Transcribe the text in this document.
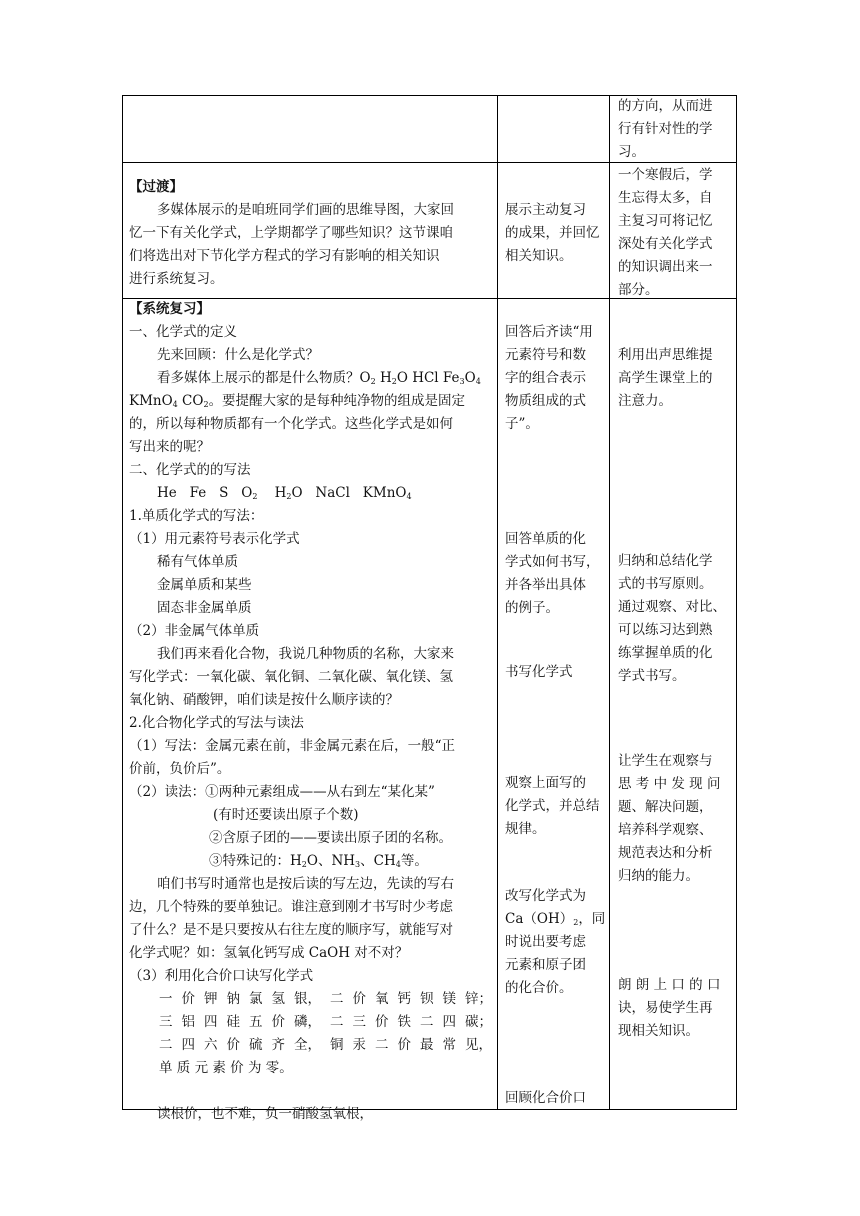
的方向，从而进
行有针对性的学
习。
【过渡】
多媒体展示的是咱班同学们画的思维导图，大家回
忆一下有关化学式，上学期都学了哪些知识？这节课咱
们将选出对下节化学方程式的学习有影响的相关知识
进行系统复习。
展示主动复习
的成果，并回忆
相关知识。
一个寒假后，学
生忘得太多，自
主复习可将记忆
深处有关化学式
的知识调出来一
部分。
【系统复习】
一、化学式的定义
先来回顾：什么是化学式？
看多媒体上展示的都是什么物质？$O_2$ $H_2O$ HCl $Fe_3O_4$
KMnO$_4$ $CO_2$。要提醒大家的是每种纯净物的组成是固定
的，所以每种物质都有一个化学式。这些化学式是如何
写出来的呢？
二、化学式的的写法
He   Fe   S   $O_2$    $H_2O$   NaCl   KMnO$_4$
1.单质化学式的写法：
（1）用元素符号表示化学式
稀有气体单质
金属单质和某些
固态非金属单质
（2）非金属气体单质
我们再来看化合物，我说几种物质的名称，大家来
写化学式：一氧化碳、氧化铜、二氧化碳、氧化镁、氢
氧化钠、硝酸钾，咱们读是按什么顺序读的？
2.化合物化学式的写法与读法
（1）写法：金属元素在前，非金属元素在后，一般“正
价前，负价后”。
（2）读法：①两种元素组成——从右到左“某化某”
(有时还要读出原子个数)
②含原子团的——要读出原子团的名称。
③特殊记的：$H_2O$、$NH_3$、$CH_4$等。
咱们书写时通常也是按后读的写左边，先读的写右
边，几个特殊的要单独记。谁注意到刚才书写时少考虑
了什么？是不是只要按从右往左度的顺序写，就能写对
化学式呢？如：氢氧化钙写成 CaOH 对不对？
（3）利用化合价口诀写化学式
一 价 钾 钠 氯 氢 银， 二 价 氧 钙 钡 镁 锌；
三 铝 四 硅 五 价 磷， 二 三 价 铁 二 四 碳；
二 四 六 价 硫 齐 全， 铜 汞 二 价 最 常 见，
单 质 元 素 价 为 零。

读根价，也不难，负一硝酸氢氧根，
回答后齐读“用
元素符号和数
字的组合表示
物质组成的式
子”。
回答单质的化
学式如何书写，
并各举出具体
的例子。
书写化学式
观察上面写的
化学式，并总结
规律。
改写化学式为
$Ca(OH)_2$，同
时说出要考虑
元素和原子团
的化合价。
回顾化合价口
利用出声思维提
高学生课堂上的
注意力。
归纳和总结化学
式的书写原则。
通过观察、对比、
可以练习达到熟
练掌握单质的化
学式书写。
让学生在观察与
思 考 中 发 现 问
题、解决问题，
培养科学观察、
规范表达和分析
归纳的能力。
朗 朗 上 口 的 口
诀，易使学生再
现相关知识。
